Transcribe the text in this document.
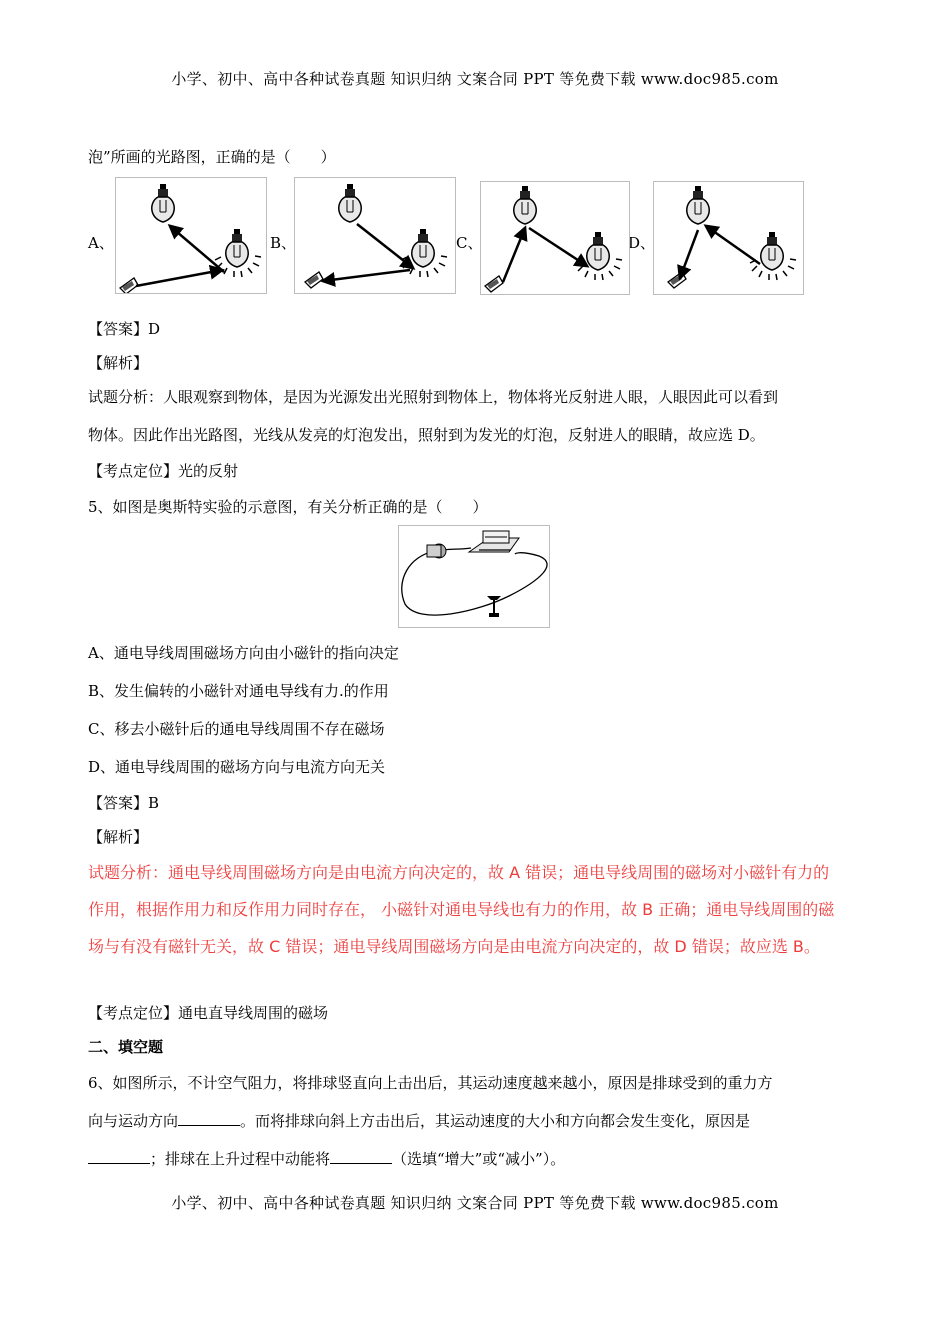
小学、初中、高中各种试卷真题 知识归纳 文案合同 PPT 等免费下载 www.doc985.com
泡”所画的光路图，正确的是（　　）
A、	B、	C、	D、
【答案】D
【解析】
试题分析：人眼观察到物体，是因为光源发出光照射到物体上，物体将光反射进人眼，人眼因此可以看到
物体。因此作出光路图，光线从发亮的灯泡发出，照射到为发光的灯泡，反射进人的眼睛，故应选 D。
【考点定位】光的反射
5、如图是奥斯特实验的示意图，有关分析正确的是（　　）
A、通电导线周围磁场方向由小磁针的指向决定
B、发生偏转的小磁针对通电导线有力.的作用
C、移去小磁针后的通电导线周围不存在磁场
D、通电导线周围的磁场方向与电流方向无关
【答案】B
【解析】
试题分析：通电导线周围磁场方向是由电流方向决定的，故 A 错误；通电导线周围的磁场对小磁针有力的
作用，根据作用力和反作用力同时存在， 小磁针对通电导线也有力的作用，故 B 正确；通电导线周围的磁
场与有没有磁针无关，故 C 错误；通电导线周围磁场方向是由电流方向决定的，故 D 错误；故应选 B。
【考点定位】通电直导线周围的磁场
二、填空题
6、如图所示，不计空气阻力，将排球竖直向上击出后，其运动速度越来越小，原因是排球受到的重力方
向与运动方向	。而将排球向斜上方击出后，其运动速度的大小和方向都会发生变化，原因是
；排球在上升过程中动能将	（选填“增大”或“减小”）。
小学、初中、高中各种试卷真题 知识归纳 文案合同 PPT 等免费下载 www.doc985.com
